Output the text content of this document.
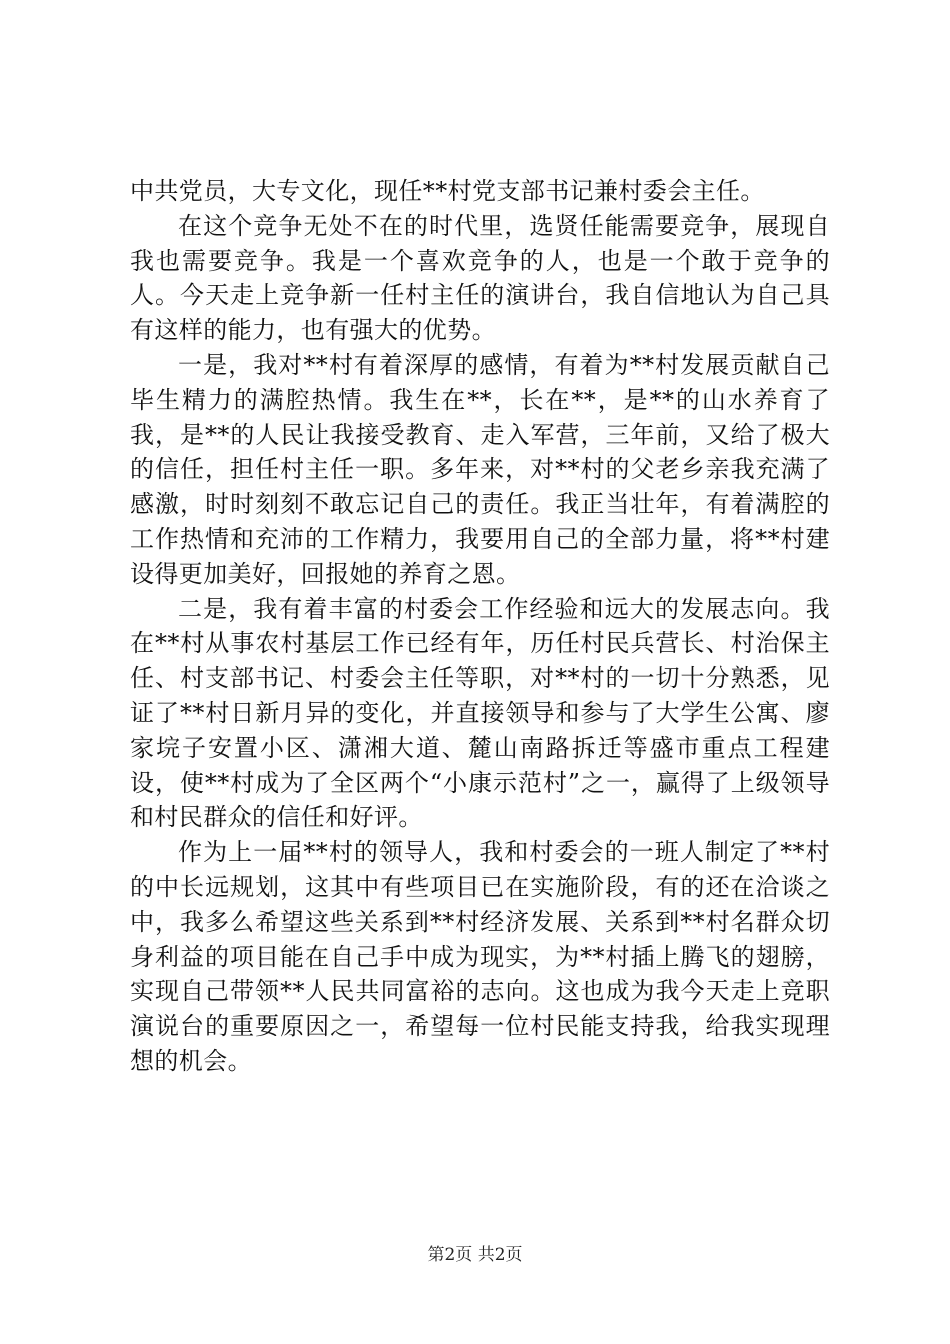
中共党员，大专文化，现任**村党支部书记兼村委会主任。

在这个竞争无处不在的时代里，选贤任能需要竞争，展现自我也需要竞争。我是一个喜欢竞争的人，也是一个敢于竞争的人。今天走上竞争新一任村主任的演讲台，我自信地认为自己具有这样的能力，也有强大的优势。

一是，我对**村有着深厚的感情，有着为**村发展贡献自己毕生精力的满腔热情。我生在**，长在**，是**的山水养育了我，是**的人民让我接受教育、走入军营，三年前，又给了极大的信任，担任村主任一职。多年来，对**村的父老乡亲我充满了感激，时时刻刻不敢忘记自己的责任。我正当壮年，有着满腔的工作热情和充沛的工作精力，我要用自己的全部力量，将**村建设得更加美好，回报她的养育之恩。

二是，我有着丰富的村委会工作经验和远大的发展志向。我在**村从事农村基层工作已经有年，历任村民兵营长、村治保主任、村支部书记、村委会主任等职，对**村的一切十分熟悉，见证了**村日新月异的变化，并直接领导和参与了大学生公寓、廖家垸子安置小区、潇湘大道、麓山南路拆迁等盛市重点工程建设，使**村成为了全区两个“小康示范村”之一，赢得了上级领导和村民群众的信任和好评。

作为上一届**村的领导人，我和村委会的一班人制定了**村的中长远规划，这其中有些项目已在实施阶段，有的还在洽谈之中，我多么希望这些关系到**村经济发展、关系到**村名群众切身利益的项目能在自己手中成为现实，为**村插上腾飞的翅膀，实现自己带领**人民共同富裕的志向。这也成为我今天走上竞职演说台的重要原因之一，希望每一位村民能支持我，给我实现理想的机会。

第2页 共2页
